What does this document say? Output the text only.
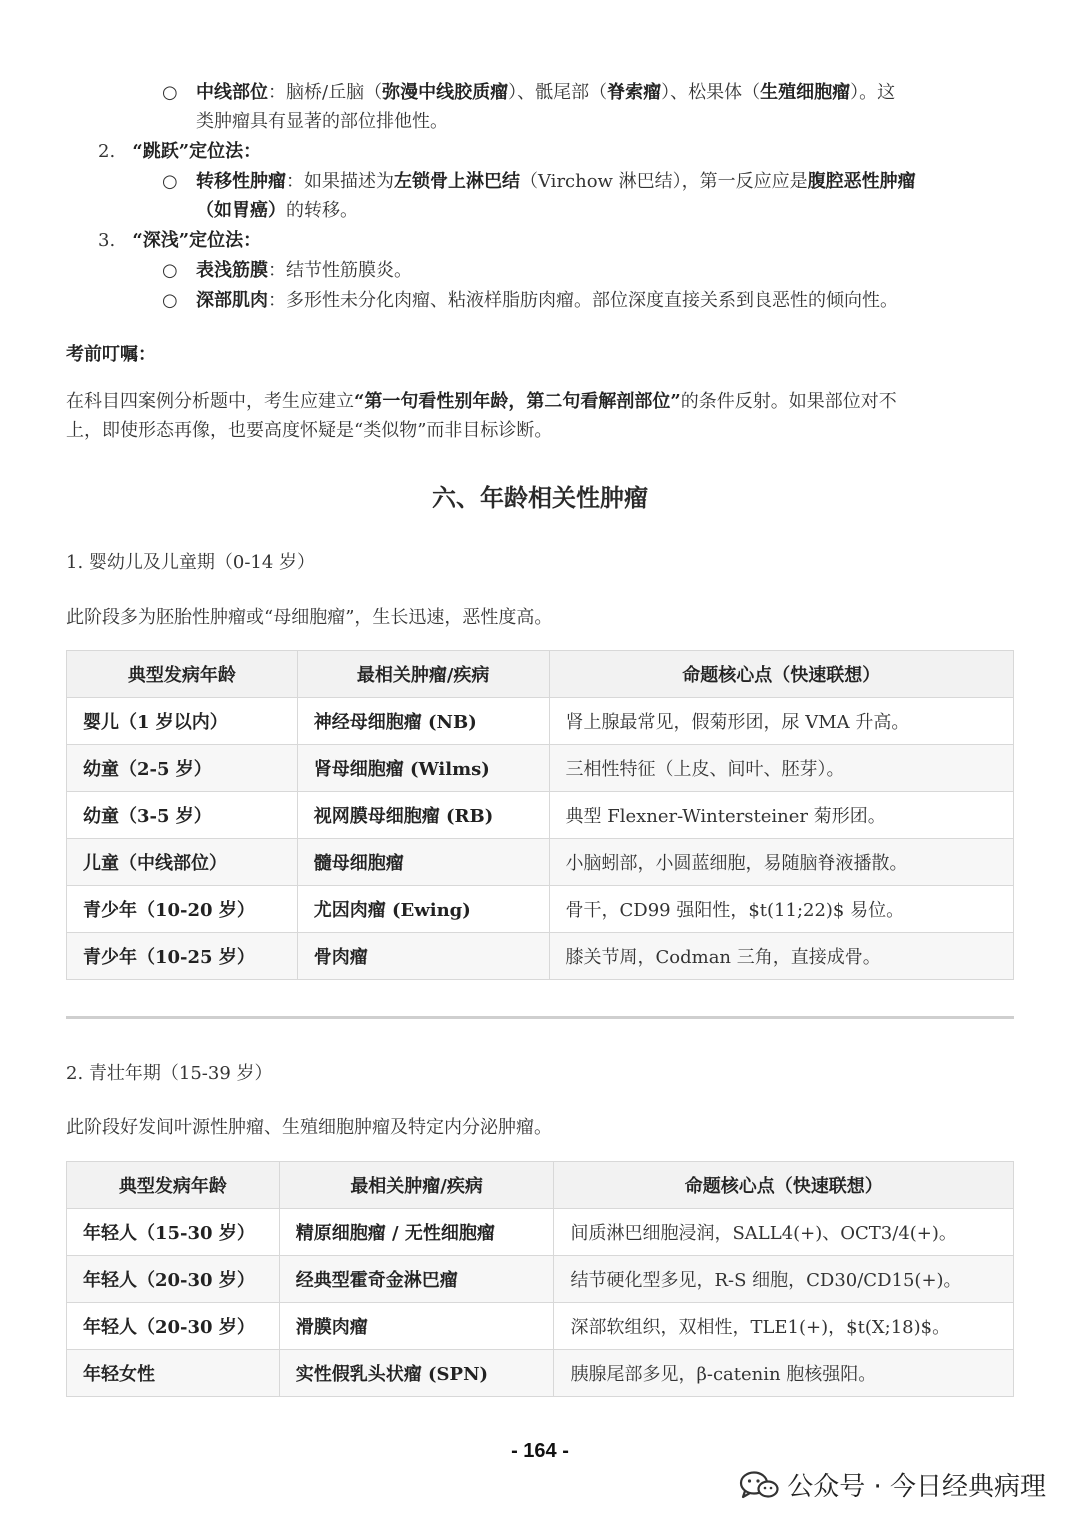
○ 中线部位：脑桥/丘脑（弥漫中线胶质瘤）、骶尾部（脊索瘤）、松果体（生殖细胞瘤）。这
类肿瘤具有显著的部位排他性。
2. “跳跃”定位法：
○ 转移性肿瘤：如果描述为左锁骨上淋巴结（Virchow 淋巴结），第一反应应是腹腔恶性肿瘤
（如胃癌）的转移。
3. “深浅”定位法：
○ 表浅筋膜：结节性筋膜炎。
○ 深部肌肉：多形性未分化肉瘤、粘液样脂肪肉瘤。部位深度直接关系到良恶性的倾向性。
考前叮嘱：
在科目四案例分析题中，考生应建立“第一句看性别年龄，第二句看解剖部位”的条件反射。如果部位对不
上，即使形态再像，也要高度怀疑是“类似物”而非目标诊断。
六、年龄相关性肿瘤
1. 婴幼儿及儿童期（0-14 岁）
此阶段多为胚胎性肿瘤或“母细胞瘤”，生长迅速，恶性度高。
典型发病年龄	最相关肿瘤/疾病	命题核心点（快速联想）
婴儿（1 岁以内）	神经母细胞瘤 (NB)	肾上腺最常见，假菊形团，尿 VMA 升高。
幼童（2-5 岁）	肾母细胞瘤 (Wilms)	三相性特征（上皮、间叶、胚芽）。
幼童（3-5 岁）	视网膜母细胞瘤 (RB)	典型 Flexner-Wintersteiner 菊形团。
儿童（中线部位）	髓母细胞瘤	小脑蚓部，小圆蓝细胞，易随脑脊液播散。
青少年（10-20 岁）	尤因肉瘤 (Ewing)	骨干，CD99 强阳性，$t(11;22)$ 易位。
青少年（10-25 岁）	骨肉瘤	膝关节周，Codman 三角，直接成骨。
2. 青壮年期（15-39 岁）
此阶段好发间叶源性肿瘤、生殖细胞肿瘤及特定内分泌肿瘤。
典型发病年龄	最相关肿瘤/疾病	命题核心点（快速联想）
年轻人（15-30 岁）	精原细胞瘤 / 无性细胞瘤	间质淋巴细胞浸润，SALL4(+)、OCT3/4(+)。
年轻人（20-30 岁）	经典型霍奇金淋巴瘤	结节硬化型多见，R-S 细胞，CD30/CD15(+)。
年轻人（20-30 岁）	滑膜肉瘤	深部软组织，双相性，TLE1(+)，$t(X;18)$。
年轻女性	实性假乳头状瘤 (SPN)	胰腺尾部多见，β-catenin 胞核强阳。
- 164 -
公众号 · 今日经典病理
